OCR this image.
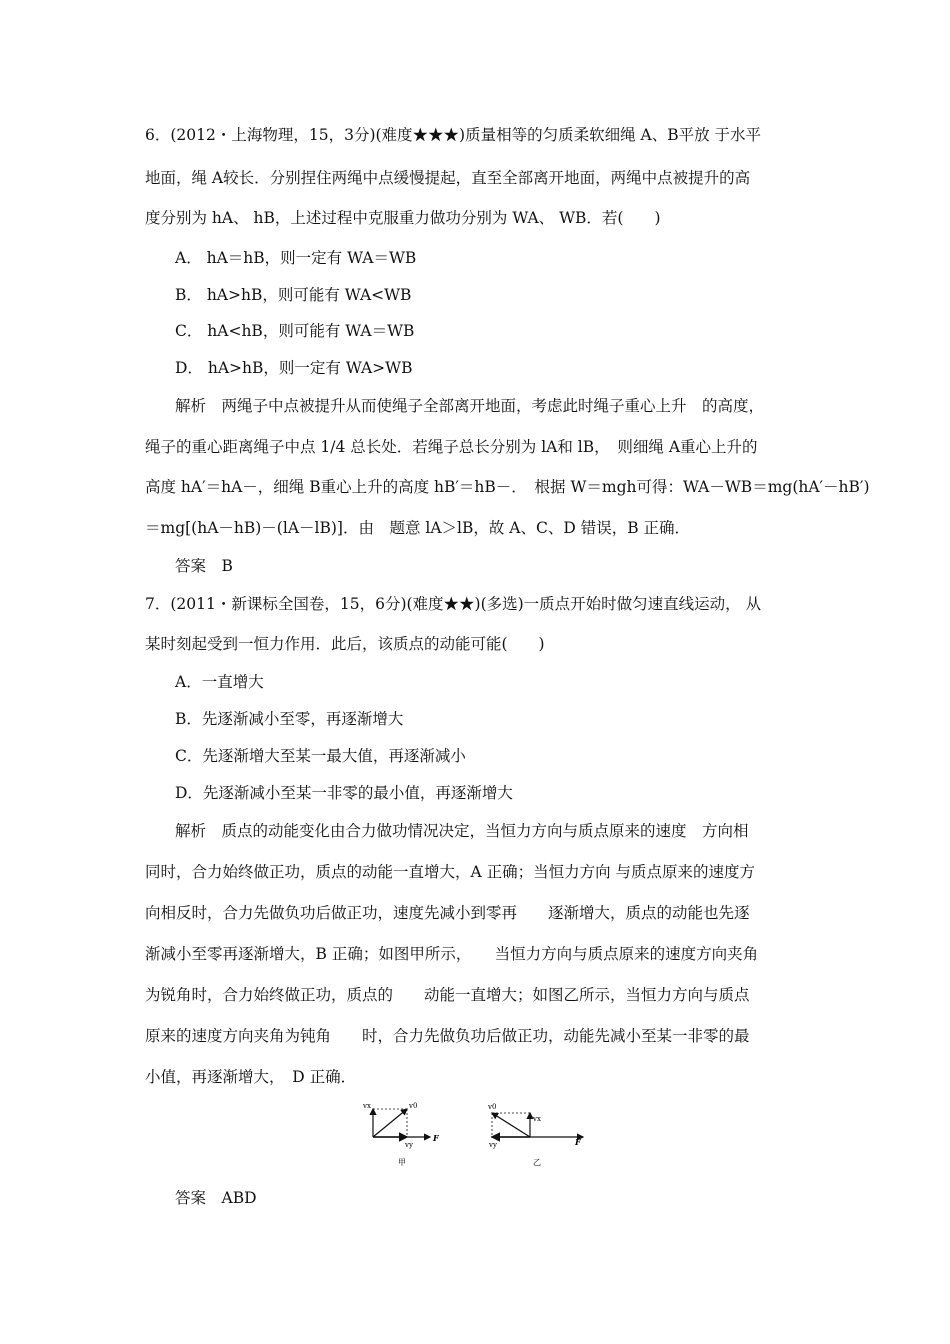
6．(2012・上海物理，15，3分)(难度★★★)质量相等的匀质柔软细绳 A、B平放 于水平
地面，绳 A较长．分别捏住两绳中点缓慢提起，直至全部离开地面，两绳中点被提升的高
度分别为 hA、 hB，上述过程中克服重力做功分别为 WA、 WB．若(　　)
A． hA＝hB，则一定有 WA＝WB
B． hA>hB，则可能有 WA<WB
C． hA<hB，则可能有 WA＝WB
D． hA>hB，则一定有 WA>WB
解析　两绳子中点被提升从而使绳子全部离开地面，考虑此时绳子重心上升　的高度，
绳子的重心距离绳子中点 1/4 总长处．若绳子总长分别为 lA和 lB，　则细绳 A重心上升的
高度 hA′＝hA－，细绳 B重心上升的高度 hB′＝hB－．　根据 W＝mgh可得：WA－WB＝mg(hA′－hB′)
＝mg[(hA－hB)－(lA－lB)]．由　题意 lA＞lB，故 A、C、D 错误，B 正确．
答案　B
7．(2011・新课标全国卷，15，6分)(难度★★)(多选)一质点开始时做匀速直线运动， 从
某时刻起受到一恒力作用．此后，该质点的动能可能(　　)
A．一直增大
B．先逐渐减小至零，再逐渐增大
C．先逐渐增大至某一最大值，再逐渐减小
D．先逐渐减小至某一非零的最小值，再逐渐增大
解析　质点的动能变化由合力做功情况决定，当恒力方向与质点原来的速度　方向相
同时，合力始终做正功，质点的动能一直增大，A 正确；当恒力方向 与质点原来的速度方
向相反时，合力先做负功后做正功，速度先减小到零再　　逐渐增大，质点的动能也先逐
渐减小至零再逐渐增大，B 正确；如图甲所示，　　当恒力方向与质点原来的速度方向夹角
为锐角时，合力始终做正功，质点的　　动能一直增大；如图乙所示，当恒力方向与质点
原来的速度方向夹角为钝角　　时，合力先做负功后做正功，动能先减小至某一非零的最
小值，再逐渐增大，　D 正确．
vx	v0
vy
F
甲
v0
vx
vy	F
乙
答案　ABD
